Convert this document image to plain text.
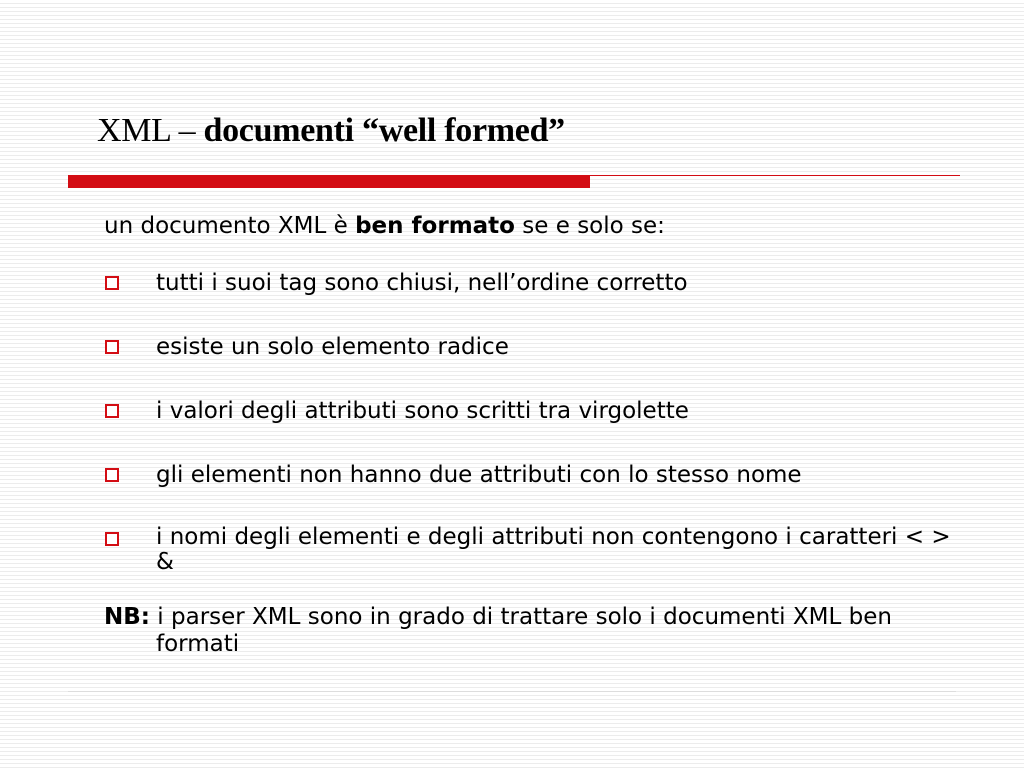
XML – documenti “well formed”

un documento XML è ben formato se e solo se:

tutti i suoi tag sono chiusi, nell’ordine corretto
esiste un solo elemento radice
i valori degli attributi sono scritti tra virgolette
gli elementi non hanno due attributi con lo stesso nome
i nomi degli elementi e degli attributi non contengono i caratteri < > &

NB: i parser XML sono in grado di trattare solo i documenti XML ben formati
